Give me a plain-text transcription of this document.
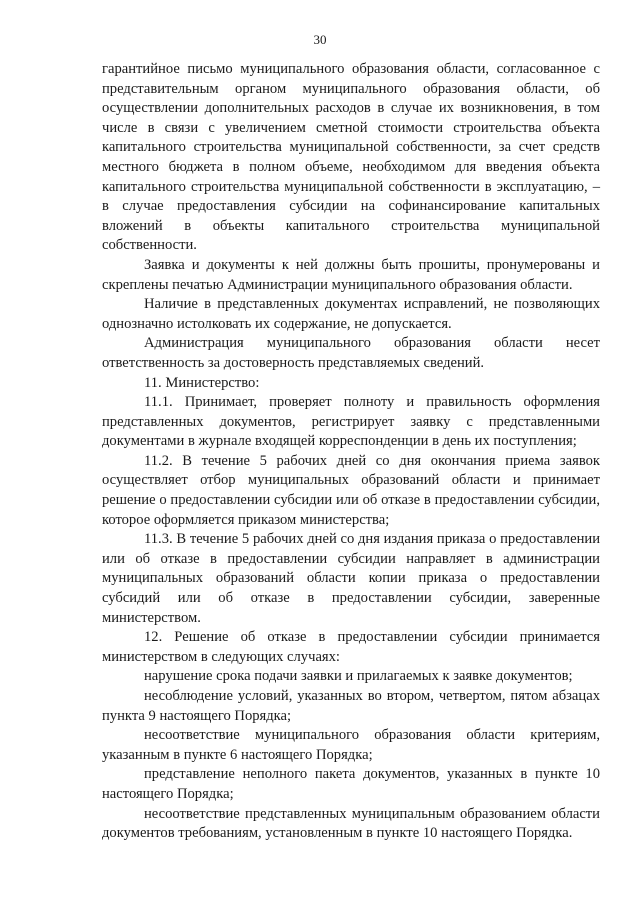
30

гарантийное письмо муниципального образования области, согласованное с представительным органом муниципального образования области, об осуществлении дополнительных расходов в случае их возникновения, в том числе в связи с увеличением сметной стоимости строительства объекта капитального строительства муниципальной собственности, за счет средств местного бюджета в полном объеме, необходимом для введения объекта капитального строительства муниципальной собственности в эксплуатацию, – в случае предоставления субсидии на софинансирование капитальных вложений в объекты капитального строительства муниципальной собственности.

Заявка и документы к ней должны быть прошиты, пронумерованы и скреплены печатью Администрации муниципального образования области.

Наличие в представленных документах исправлений, не позволяющих однозначно истолковать их содержание, не допускается.

Администрация муниципального образования области несет ответственность за достоверность представляемых сведений.

11. Министерство:

11.1. Принимает, проверяет полноту и правильность оформления представленных документов, регистрирует заявку с представленными документами в журнале входящей корреспонденции в день их поступления;

11.2. В течение 5 рабочих дней со дня окончания приема заявок осуществляет отбор муниципальных образований области и принимает решение о предоставлении субсидии или об отказе в предоставлении субсидии, которое оформляется приказом министерства;

11.3. В течение 5 рабочих дней со дня издания приказа о предоставлении или об отказе в предоставлении субсидии направляет в администрации муниципальных образований области копии приказа о предоставлении субсидий или об отказе в предоставлении субсидии, заверенные министерством.

12. Решение об отказе в предоставлении субсидии принимается министерством в следующих случаях:

нарушение срока подачи заявки и прилагаемых к заявке документов;

несоблюдение условий, указанных во втором, четвертом, пятом абзацах пункта 9 настоящего Порядка;

несоответствие муниципального образования области критериям, указанным в пункте 6 настоящего Порядка;

представление неполного пакета документов, указанных в пункте 10 настоящего Порядка;

несоответствие представленных муниципальным образованием области документов требованиям, установленным в пункте 10 настоящего Порядка.
